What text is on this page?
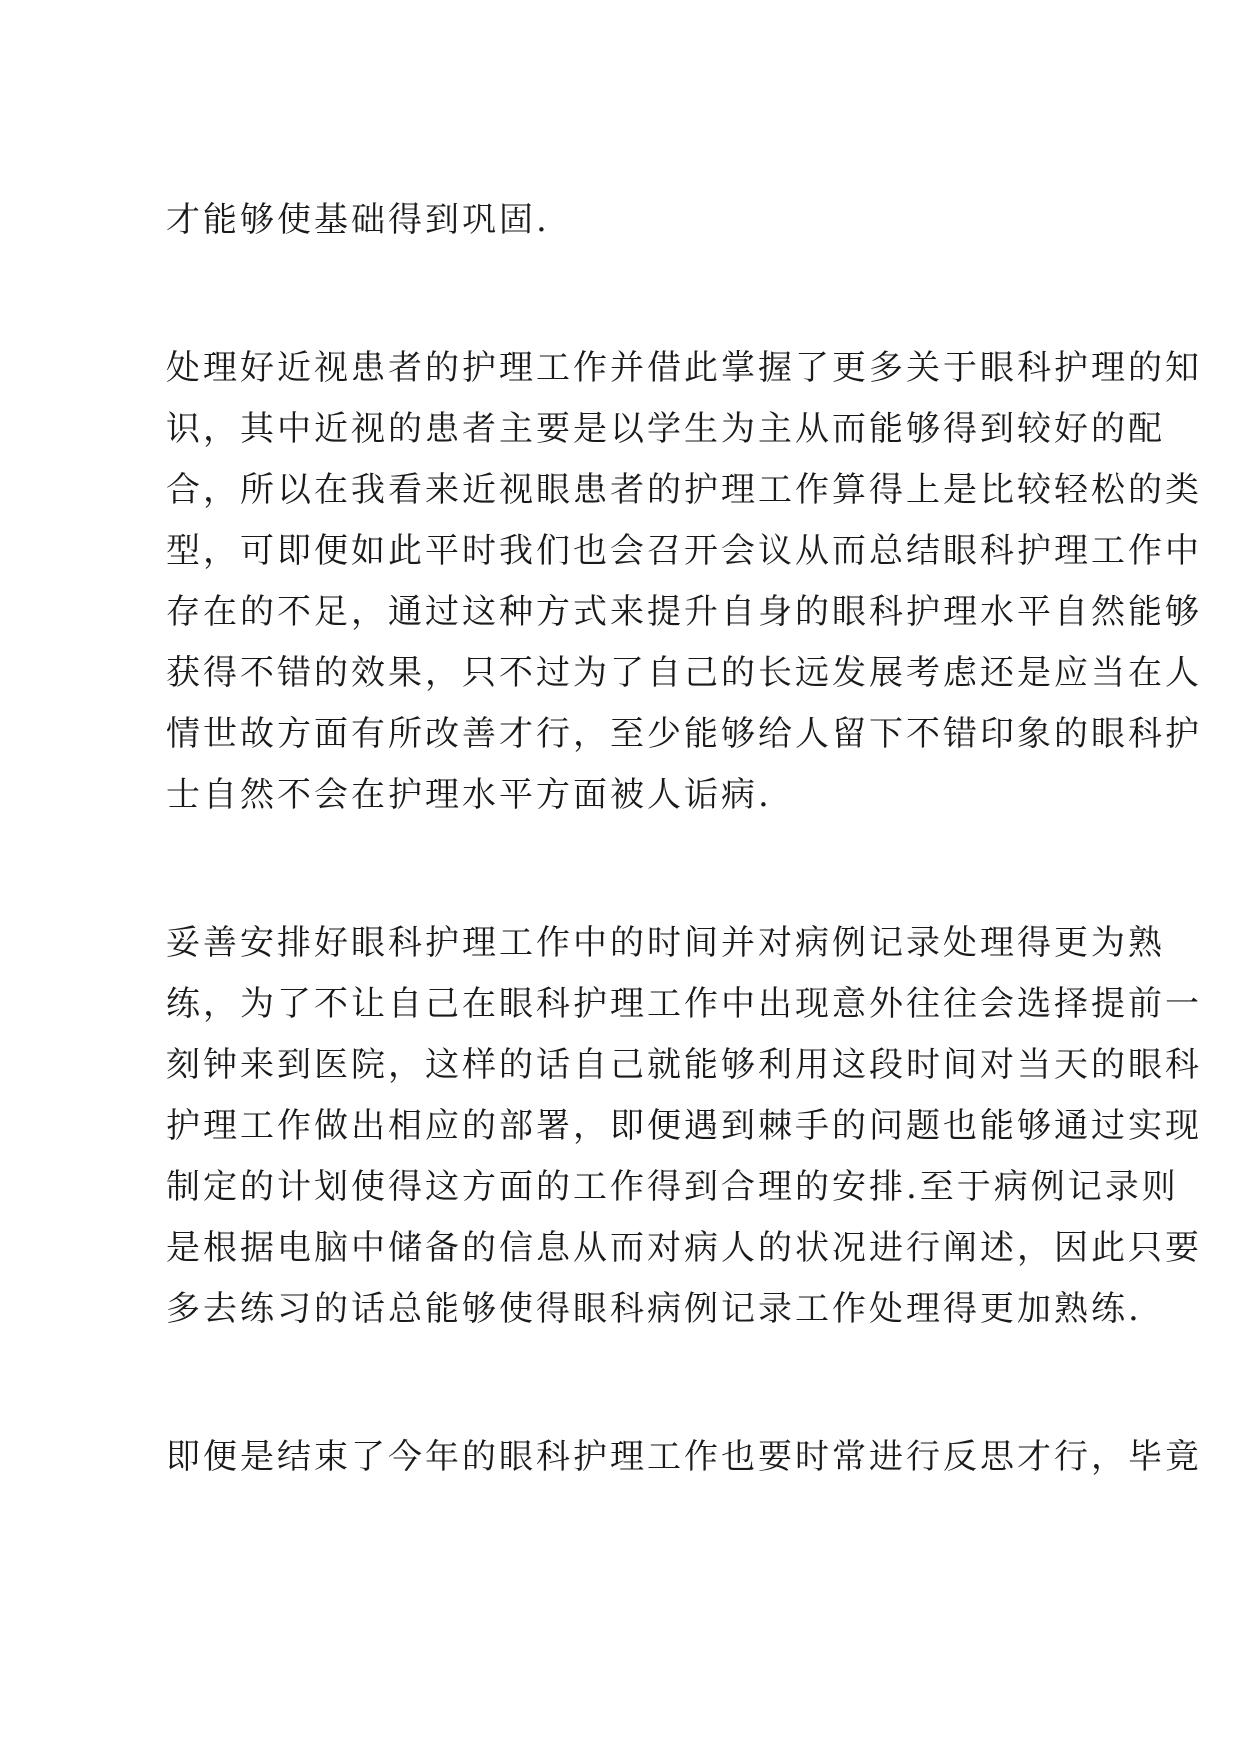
才能够使基础得到巩固.
处理好近视患者的护理工作并借此掌握了更多关于眼科护理的知
识，其中近视的患者主要是以学生为主从而能够得到较好的配
合，所以在我看来近视眼患者的护理工作算得上是比较轻松的类
型，可即便如此平时我们也会召开会议从而总结眼科护理工作中
存在的不足，通过这种方式来提升自身的眼科护理水平自然能够
获得不错的效果，只不过为了自己的长远发展考虑还是应当在人
情世故方面有所改善才行，至少能够给人留下不错印象的眼科护
士自然不会在护理水平方面被人诟病.
妥善安排好眼科护理工作中的时间并对病例记录处理得更为熟
练，为了不让自己在眼科护理工作中出现意外往往会选择提前一
刻钟来到医院，这样的话自己就能够利用这段时间对当天的眼科
护理工作做出相应的部署，即便遇到棘手的问题也能够通过实现
制定的计划使得这方面的工作得到合理的安排.至于病例记录则
是根据电脑中储备的信息从而对病人的状况进行阐述，因此只要
多去练习的话总能够使得眼科病例记录工作处理得更加熟练.
即便是结束了今年的眼科护理工作也要时常进行反思才行，毕竟
